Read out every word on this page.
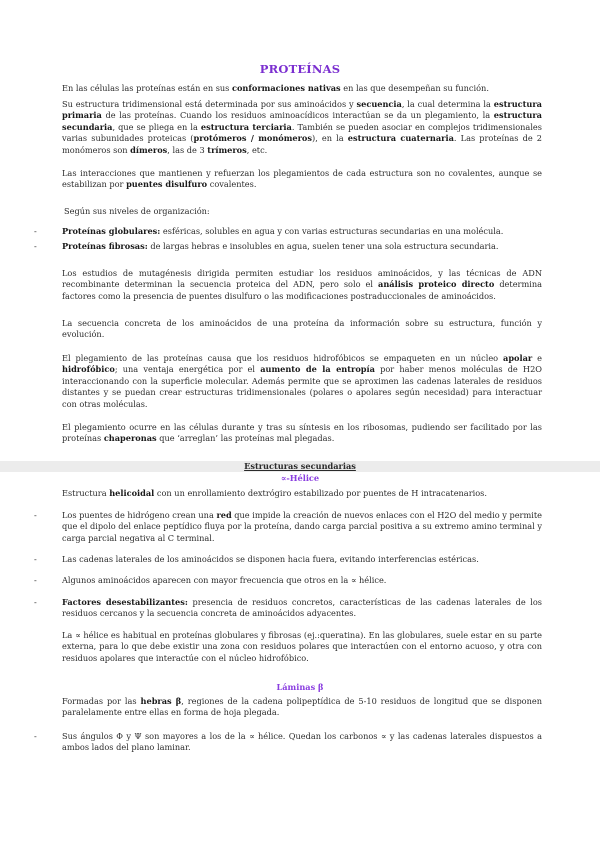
PROTEÍNAS

En las células las proteínas están en sus conformaciones nativas en las que desempeñan su función.

Su estructura tridimensional está determinada por sus aminoácidos y secuencia, la cual determina la estructura primaria de las proteínas. Cuando los residuos aminoacídicos interactúan se da un plegamiento, la estructura secundaria, que se pliega en la estructura terciaria. También se pueden asociar en complejos tridimensionales varias subunidades proteicas (protómeros / monómeros), en la estructura cuaternaria. Las proteínas de 2 monómeros son dímeros, las de 3 trímeros, etc.

Las interacciones que mantienen y refuerzan los plegamientos de cada estructura son no covalentes, aunque se estabilizan por puentes disulfuro covalentes.

Según sus niveles de organización:

-	Proteínas globulares: esféricas, solubles en agua y con varias estructuras secundarias en una molécula.

-	Proteínas fibrosas: de largas hebras e insolubles en agua, suelen tener una sola estructura secundaria.

Los estudios de mutagénesis dirigida permiten estudiar los residuos aminoácidos, y las técnicas de ADN recombinante determinan la secuencia proteica del ADN, pero solo el análisis proteico directo determina factores como la presencia de puentes disulfuro o las modificaciones postraduccionales de aminoácidos.

La secuencia concreta de los aminoácidos de una proteína da información sobre su estructura, función y evolución.

El plegamiento de las proteínas causa que los residuos hidrofóbicos se empaqueten en un núcleo apolar e hidrofóbico; una ventaja energética por el aumento de la entropía por haber menos moléculas de H2O interaccionando con la superficie molecular. Además permite que se aproximen las cadenas laterales de residuos distantes y se puedan crear estructuras tridimensionales (polares o apolares según necesidad) para interactuar con otras moléculas.

El plegamiento ocurre en las células durante y tras su síntesis en los ribosomas, pudiendo ser facilitado por las proteínas chaperonas que ‘arreglan’ las proteínas mal plegadas.

Estructuras secundarias
∝-Hélice

Estructura helicoidal con un enrollamiento dextrógiro estabilizado por puentes de H intracatenarios.

-	Los puentes de hidrógeno crean una red que impide la creación de nuevos enlaces con el H2O del medio y permite que el dipolo del enlace peptídico fluya por la proteína, dando carga parcial positiva a su extremo amino terminal y carga parcial negativa al C terminal.

-	Las cadenas laterales de los aminoácidos se disponen hacia fuera, evitando interferencias estéricas.

-	Algunos aminoácidos aparecen con mayor frecuencia que otros en la ∝ hélice.

-	Factores desestabilizantes: presencia de residuos concretos, características de las cadenas laterales de los residuos cercanos y la secuencia concreta de aminoácidos adyacentes.

La ∝ hélice es habitual en proteínas globulares y fibrosas (ej.:queratina). En las globulares, suele estar en su parte externa, para lo que debe existir una zona con residuos polares que interactúen con el entorno acuoso, y otra con residuos apolares que interactúe con el núcleo hidrofóbico.

Láminas β

Formadas por las hebras β, regiones de la cadena polipeptídica de 5-10 residuos de longitud que se disponen paralelamente entre ellas en forma de hoja plegada.

-	Sus ángulos Φ y Ψ son mayores a los de la ∝ hélice. Quedan los carbonos ∝ y las cadenas laterales dispuestos a ambos lados del plano laminar.
